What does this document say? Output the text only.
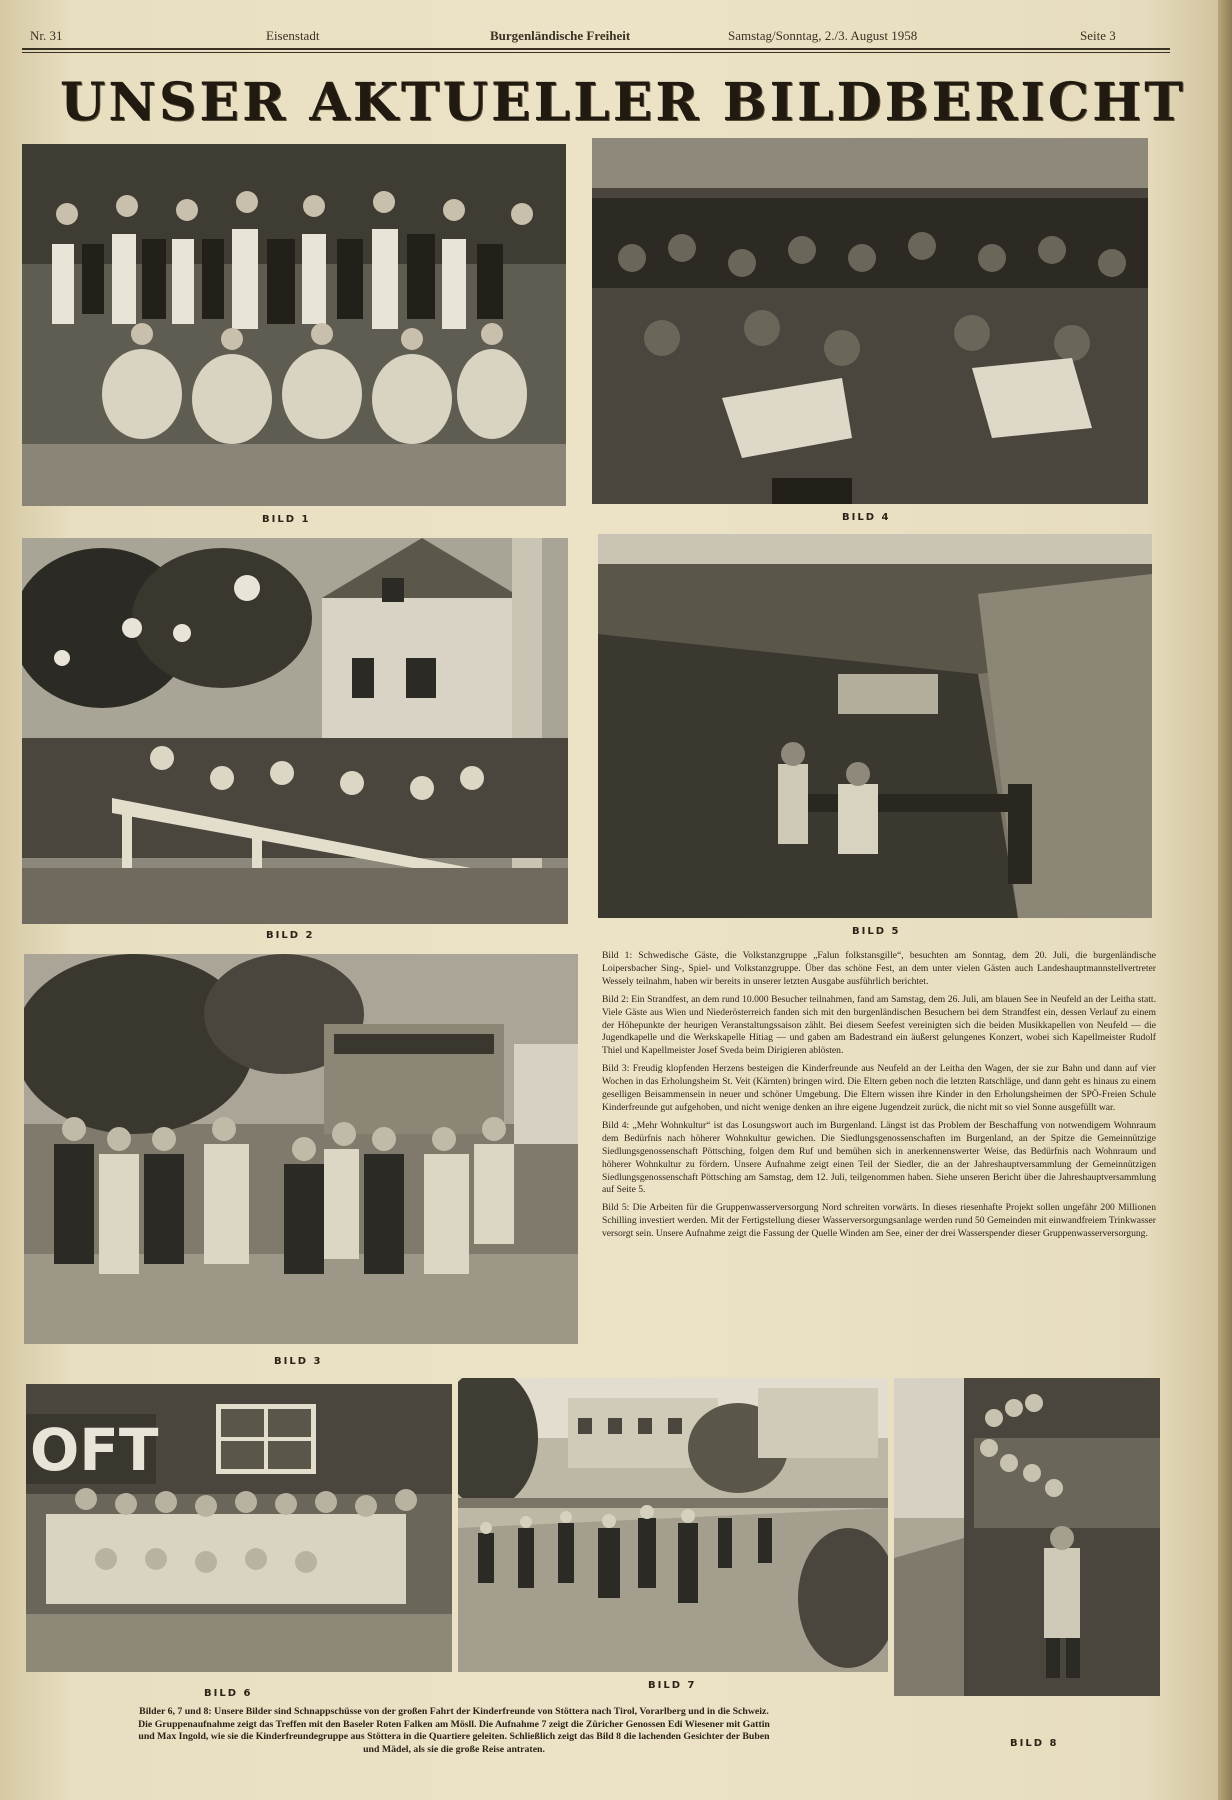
Nr. 31	Eisenstadt	Burgenländische Freiheit	Samstag/Sonntag, 2./3. August 1958	Seite 3
UNSER AKTUELLER BILDBERICHT
BILD 1	BILD 4
BILD 2	BILD 5
BILD 3

Bild 1: Schwedische Gäste, die Volkstanzgruppe „Falun folkstansgille“, besuchten am Sonntag, dem 20. Juli, die burgenländische Loipersbacher Sing-, Spiel- und Volkstanzgruppe. Über das schöne Fest, an dem unter vielen Gästen auch Landeshauptmannstellvertreter Wessely teilnahm, haben wir bereits in unserer letzten Ausgabe ausführlich berichtet.

Bild 2: Ein Strandfest, an dem rund 10.000 Besucher teilnahmen, fand am Samstag, dem 26. Juli, am blauen See in Neufeld an der Leitha statt. Viele Gäste aus Wien und Niederösterreich fanden sich mit den burgenländischen Besuchern bei dem Strandfest ein, dessen Verlauf zu einem der Höhepunkte der heurigen Veranstaltungssaison zählt. Bei diesem Seefest vereinigten sich die beiden Musikkapellen von Neufeld — die Jugendkapelle und die Werkskapelle Hitiag — und gaben am Badestrand ein äußerst gelungenes Konzert, wobei sich Kapellmeister Rudolf Thiel und Kapellmeister Josef Sveda beim Dirigieren ablösten.

Bild 3: Freudig klopfenden Herzens besteigen die Kinderfreunde aus Neufeld an der Leitha den Wagen, der sie zur Bahn und dann auf vier Wochen in das Erholungsheim St. Veit (Kärnten) bringen wird. Die Eltern geben noch die letzten Ratschläge, und dann geht es hinaus zu einem geselligen Beisammensein in neuer und schöner Umgebung. Die Eltern wissen ihre Kinder in den Erholungsheimen der SPÖ-Freien Schule Kinderfreunde gut aufgehoben, und nicht wenige denken an ihre eigene Jugendzeit zurück, die nicht mit so viel Sonne ausgefüllt war.

Bild 4: „Mehr Wohnkultur“ ist das Losungswort auch im Burgenland. Längst ist das Problem der Beschaffung von notwendigem Wohnraum dem Bedürfnis nach höherer Wohnkultur gewichen. Die Siedlungsgenossenschaften im Burgenland, an der Spitze die Gemeinnützige Siedlungsgenossenschaft Pöttsching, folgen dem Ruf und bemühen sich in anerkennenswerter Weise, das Bedürfnis nach Wohnraum und höherer Wohnkultur zu fördern. Unsere Aufnahme zeigt einen Teil der Siedler, die an der Jahreshauptversammlung der Gemeinnützigen Siedlungsgenossenschaft Pöttsching am Samstag, dem 12. Juli, teilgenommen haben. Siehe unseren Bericht über die Jahreshauptversammlung auf Seite 5.

Bild 5: Die Arbeiten für die Gruppenwasserversorgung Nord schreiten vorwärts. In dieses riesenhafte Projekt sollen ungefähr 200 Millionen Schilling investiert werden. Mit der Fertigstellung dieser Wasserversorgungsanlage werden rund 50 Gemeinden mit einwandfreiem Trinkwasser versorgt sein. Unsere Aufnahme zeigt die Fassung der Quelle Winden am See, einer der drei Wasserspender dieser Gruppenwasserversorgung.

OFT
BILD 6
BILD 7
BILD 8
Bilder 6, 7 und 8: Unsere Bilder sind Schnappschüsse von der großen Fahrt der Kinderfreunde von Stöttera nach Tirol, Vorarlberg und in die Schweiz.
Die Gruppenaufnahme zeigt das Treffen mit den Baseler Roten Falken am Mösll. Die Aufnahme 7 zeigt die Züricher Genossen Edi Wiesener mit Gattin
und Max Ingold, wie sie die Kinderfreundegruppe aus Stöttera in die Quartiere geleiten. Schließlich zeigt das Bild 8 die lachenden Gesichter der Buben
und Mädel, als sie die große Reise antraten.
